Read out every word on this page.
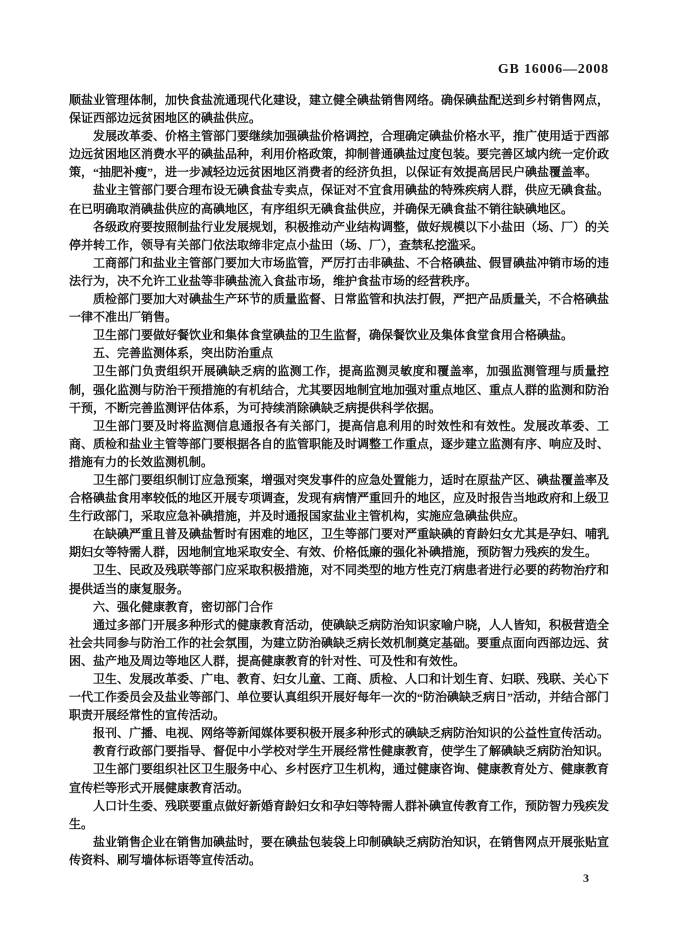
GB 16006—2008

顺盐业管理体制，加快食盐流通现代化建设，建立健全碘盐销售网络。确保碘盐配送到乡村销售网点，保证西部边远贫困地区的碘盐供应。

发展改革委、价格主管部门要继续加强碘盐价格调控，合理确定碘盐价格水平，推广使用适于西部边远贫困地区消费水平的碘盐品种，利用价格政策，抑制普通碘盐过度包装。要完善区域内统一定价政策，“抽肥补瘦”，进一步减轻边远贫困地区消费者的经济负担，以保证有效提高居民户碘盐覆盖率。

盐业主管部门要合理布设无碘食盐专卖点，保证对不宜食用碘盐的特殊疾病人群，供应无碘食盐。在已明确取消碘盐供应的高碘地区，有序组织无碘食盐供应，并确保无碘食盐不销往缺碘地区。

各级政府要按照制盐行业发展规划，积极推动产业结构调整，做好规模以下小盐田（场、厂）的关停并转工作，领导有关部门依法取缔非定点小盐田（场、厂），查禁私挖滥采。

工商部门和盐业主管部门要加大市场监管，严厉打击非碘盐、不合格碘盐、假冒碘盐冲销市场的违法行为，决不允许工业盐等非碘盐流入食盐市场，维护食盐市场的经营秩序。

质检部门要加大对碘盐生产环节的质量监督、日常监管和执法打假，严把产品质量关，不合格碘盐一律不准出厂销售。

卫生部门要做好餐饮业和集体食堂碘盐的卫生监督，确保餐饮业及集体食堂食用合格碘盐。

五、完善监测体系，突出防治重点

卫生部门负责组织开展碘缺乏病的监测工作，提高监测灵敏度和覆盖率，加强监测管理与质量控制，强化监测与防治干预措施的有机结合，尤其要因地制宜地加强对重点地区、重点人群的监测和防治干预，不断完善监测评估体系，为可持续消除碘缺乏病提供科学依据。

卫生部门要及时将监测信息通报各有关部门，提高信息利用的时效性和有效性。发展改革委、工商、质检和盐业主管等部门要根据各自的监管职能及时调整工作重点，逐步建立监测有序、响应及时、措施有力的长效监测机制。

卫生部门要组织制订应急预案，增强对突发事件的应急处置能力，适时在原盐产区、碘盐覆盖率及合格碘盐食用率较低的地区开展专项调查，发现有病情严重回升的地区，应及时报告当地政府和上级卫生行政部门，采取应急补碘措施，并及时通报国家盐业主管机构，实施应急碘盐供应。

在缺碘严重且普及碘盐暂时有困难的地区，卫生等部门要对严重缺碘的育龄妇女尤其是孕妇、哺乳期妇女等特需人群，因地制宜地采取安全、有效、价格低廉的强化补碘措施，预防智力残疾的发生。

卫生、民政及残联等部门应采取积极措施，对不同类型的地方性克汀病患者进行必要的药物治疗和提供适当的康复服务。

六、强化健康教育，密切部门合作

通过多部门开展多种形式的健康教育活动，使碘缺乏病防治知识家喻户晓，人人皆知，积极营造全社会共同参与防治工作的社会氛围，为建立防治碘缺乏病长效机制奠定基础。要重点面向西部边远、贫困、盐产地及周边等地区人群，提高健康教育的针对性、可及性和有效性。

卫生、发展改革委、广电、教育、妇女儿童、工商、质检、人口和计划生育、妇联、残联、关心下一代工作委员会及盐业等部门、单位要认真组织开展好每年一次的“防治碘缺乏病日”活动，并结合部门职责开展经常性的宣传活动。

报刊、广播、电视、网络等新闻媒体要积极开展多种形式的碘缺乏病防治知识的公益性宣传活动。

教育行政部门要指导、督促中小学校对学生开展经常性健康教育，使学生了解碘缺乏病防治知识。

卫生部门要组织社区卫生服务中心、乡村医疗卫生机构，通过健康咨询、健康教育处方、健康教育宣传栏等形式开展健康教育活动。

人口计生委、残联要重点做好新婚育龄妇女和孕妇等特需人群补碘宣传教育工作，预防智力残疾发生。

盐业销售企业在销售加碘盐时，要在碘盐包装袋上印制碘缺乏病防治知识，在销售网点开展张贴宣传资料、刷写墙体标语等宣传活动。

3
